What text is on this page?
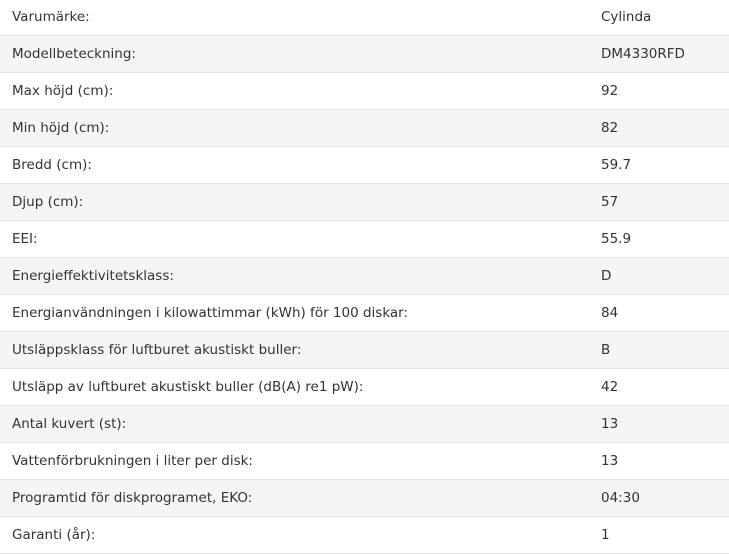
Varumärke:	Cylinda
Modellbeteckning:	DM4330RFD
Max höjd (cm):	92
Min höjd (cm):	82
Bredd (cm):	59.7
Djup (cm):	57
EEI:	55.9
Energieffektivitetsklass:	D
Energianvändningen i kilowattimmar (kWh) för 100 diskar:	84
Utsläppsklass för luftburet akustiskt buller:	B
Utsläpp av luftburet akustiskt buller (dB(A) re1 pW):	42
Antal kuvert (st):	13
Vattenförbrukningen i liter per disk:	13
Programtid för diskprogramet, EKO:	04:30
Garanti (år):	1
